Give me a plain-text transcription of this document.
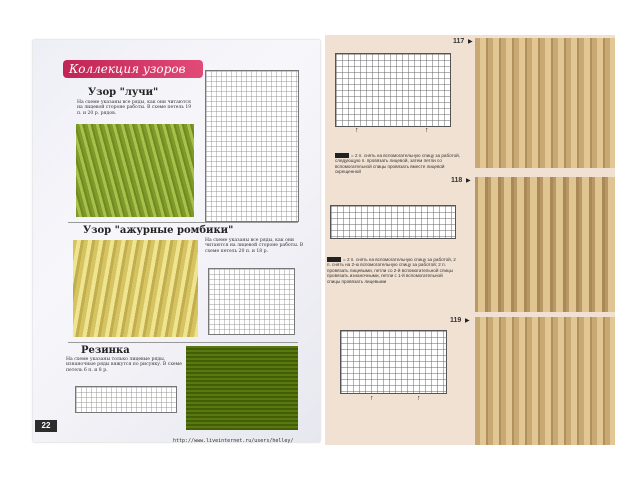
Коллекция узоров
Узор "лучи"
На схеме указаны все ряды, как они читаются на лицевой стороне работы. В схеме петель 19 п. и 20 р. рядов.
Узор "ажурные ромбики"
На схеме указаны все ряды, как они читаются на лицевой стороне работы. В схеме петель 20 п. и 18 р.
Резинка
На схеме указаны только лицевые ряды, изнаночные ряды вяжутся по рисунку. В схеме петель 6 п. и 8 р.
22
http://www.liveinternet.ru/users/helley/
↑	↑
117 ▶
= 2 п. снять на вспомогательную спицу за работой, следующую п. провязать лицевой, затем петли со вспомогательной спицы провязать вместе лицевой скрещенной
118 ▶
= 2 п. снять на вспомогательную спицу за работой, 2 п. снять на 2-ю вспомогательную спицу за работой; 2 п. провязать лицевыми, петли со 2-й вспомогательной спицы провязать изнаночными, петли с 1-й вспомогательной спицы провязать лицевыми
119 ▶
↑	↑
